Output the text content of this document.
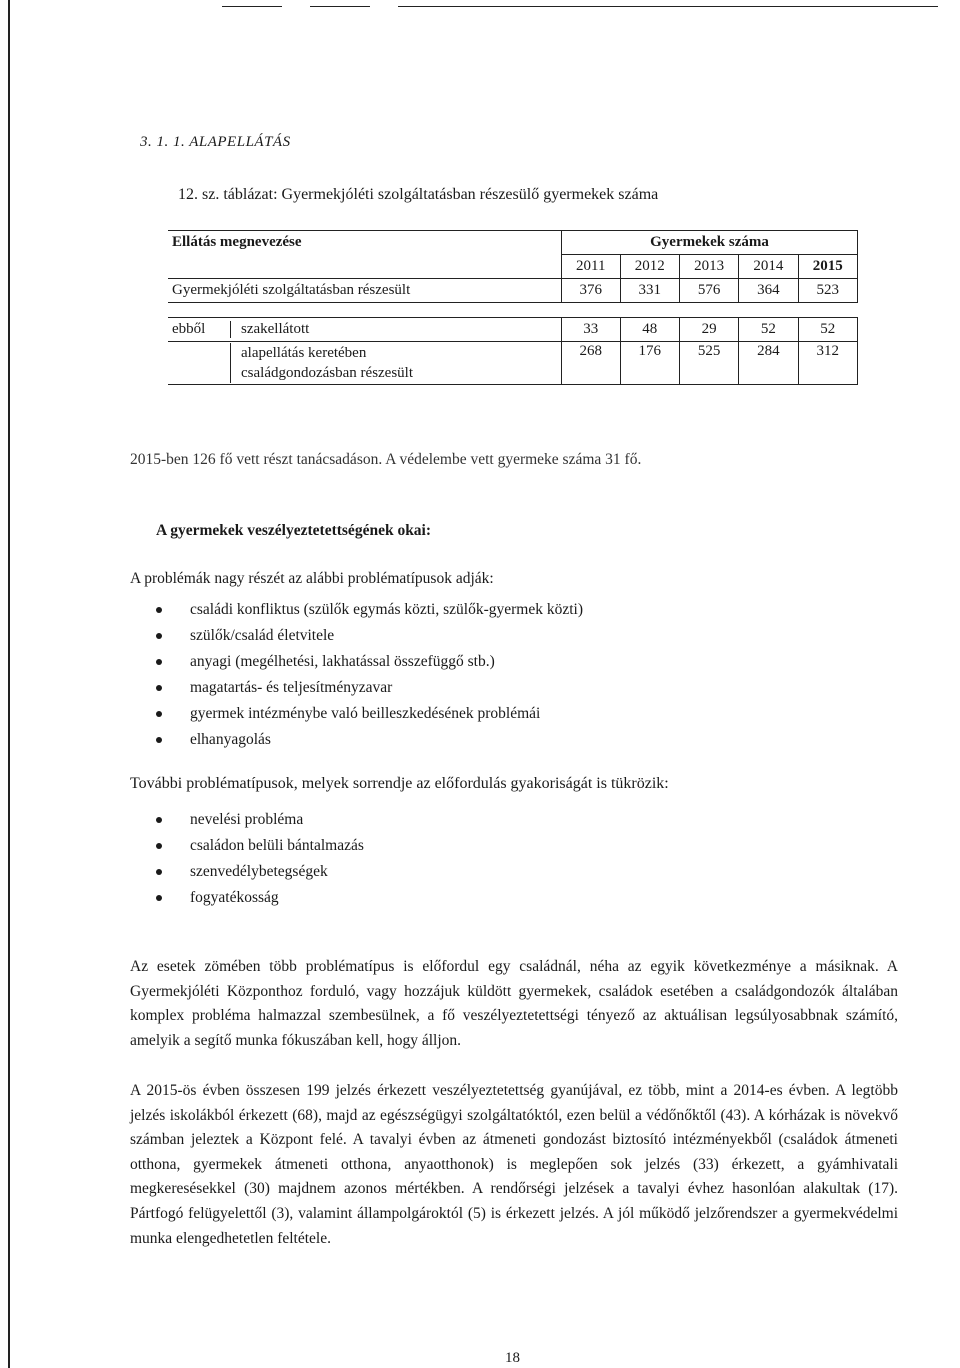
3. 1. 1. ALAPELLÁTÁS
12. sz. táblázat: Gyermekjóléti szolgáltatásban részesülő gyermekek száma
Ellátás megnevezése	Gyermekek száma				
	2011	2012	2013	2014	2015
Gyermekjóléti szolgáltatásban részesült	376	331	576	364	523

ebből szakellátott	33	48	29	52	52
alapellátás keretében
családgondozásban részesült	268	176	525	284	312
2015-ben 126 fő vett részt tanácsadáson. A védelembe vett gyermeke száma 31 fő.
A gyermekek veszélyeztetettségének okai:
A problémák nagy részét az alábbi problématípusok adják:
családi konfliktus (szülők egymás közti, szülők-gyermek közti)
szülők/család életvitele
anyagi (megélhetési, lakhatással összefüggő stb.)
magatartás- és teljesítményzavar
gyermek intézménybe való beilleszkedésének problémái
elhanyagolás
További problématípusok, melyek sorrendje az előfordulás gyakoriságát is tükrözik:
nevelési probléma
családon belüli bántalmazás
szenvedélybetegségek
fogyatékosság

Az esetek zömében több problématípus is előfordul egy családnál, néha az egyik következménye a másiknak. A Gyermekjóléti Központhoz forduló, vagy hozzájuk küldött gyermekek, családok esetében a családgondozók általában komplex probléma halmazzal szembesülnek, a fő veszélyeztetettségi tényező az aktuálisan legsúlyosabbnak számító, amelyik a segítő munka fókuszában kell, hogy álljon.

A 2015-ös évben összesen 199 jelzés érkezett veszélyeztetettség gyanújával, ez több, mint a 2014-es évben. A legtöbb jelzés iskolákból érkezett (68), majd az egészségügyi szolgáltatóktól, ezen belül a védőnőktől (43). A kórházak is növekvő számban jeleztek a Központ felé. A tavalyi évben az átmeneti gondozást biztosító intézményekből (családok átmeneti otthona, gyermekek átmeneti otthona, anyaotthonok) is meglepően sok jelzés (33) érkezett, a gyámhivatali megkeresésekkel (30) majdnem azonos mértékben. A rendőrségi jelzések a tavalyi évhez hasonlóan alakultak (17). Pártfogó felügyelettől (3), valamint állampolgároktól (5) is érkezett jelzés. A jól működő jelzőrendszer a gyermekvédelmi munka elengedhetetlen feltétele.

18
